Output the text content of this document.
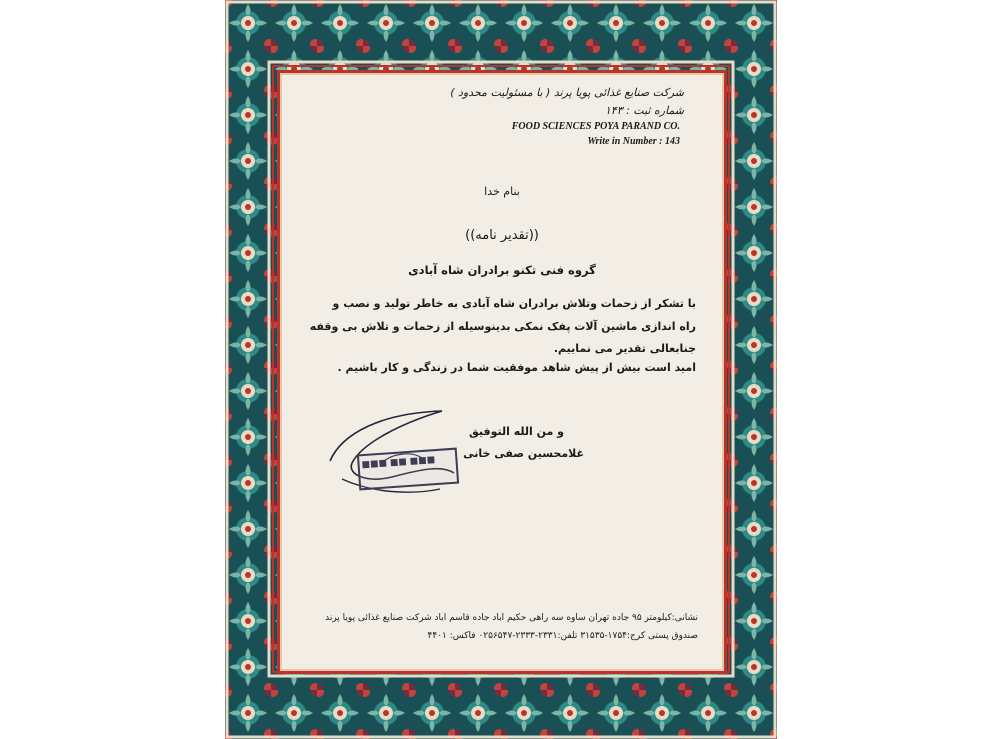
شرکت صنایع غذائی پویا پرند ( با مسئولیت محدود )
شماره ثبت : ۱۴۳
FOOD SCIENCES POYA PARAND CO.
Write in Number : 143
بنام خدا
((تقدیر نامه))
گروه فنی تکنو برادران شاه آبادی
با تشکر از زحمات وتلاش برادران شاه آبادی به خاطر تولید و نصب و
راه اندازی ماشین آلات پفک نمکی بدینوسیله از زحمات و تلاش بی وقفه
جنابعالی تقدیر می نماییم.
امید است بیش از پیش شاهد موفقیت شما در زندگی و کار باشیم .
■■■ ■■ ■■■
و من الله التوفیق
غلامحسین صفی خانی
نشانی:کیلومتر ۹۵ جاده تهران ساوه سه راهی حکیم اباد جاده قاسم اباد شرکت صنایع غذائی پویا پرند
صندوق پستی کرج:۱۷۵۴-۳۱۵۳۵ تلفن:۲۳۳۱-۲۳۳۳-۰۲۵۶۵۴۷ فاکس: ۴۴۰۱
